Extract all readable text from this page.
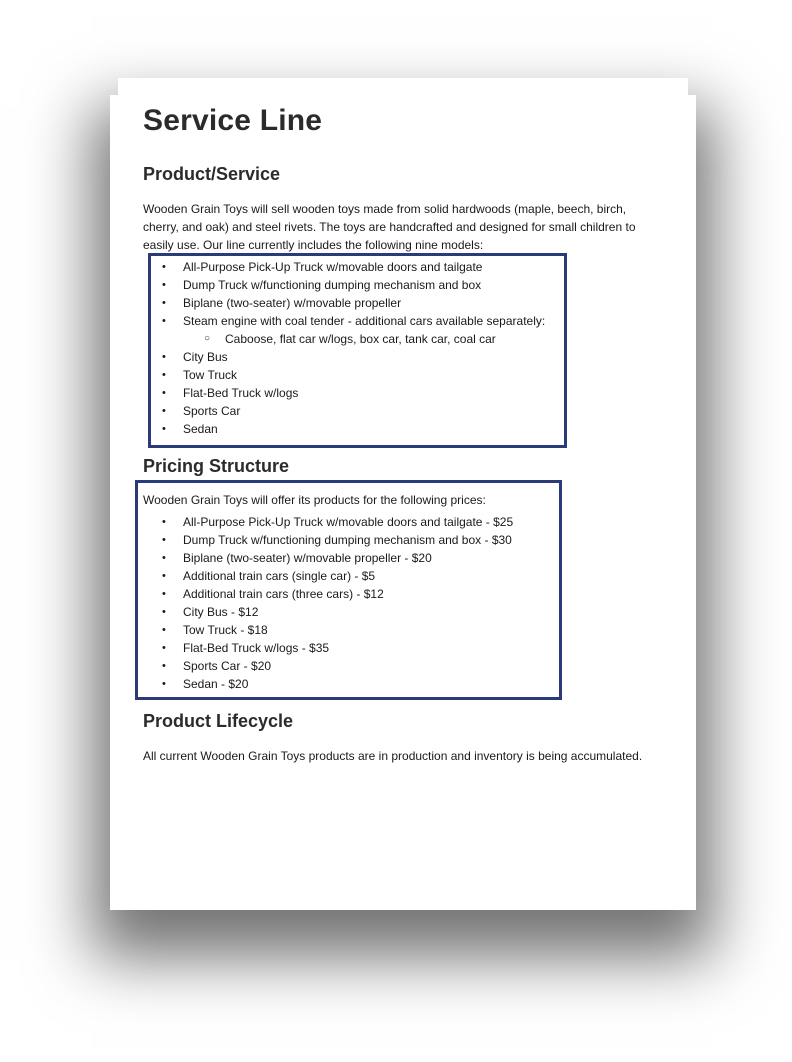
Service Line
Product/Service
Wooden Grain Toys will sell wooden toys made from solid hardwoods (maple, beech, birch,
cherry, and oak) and steel rivets. The toys are handcrafted and designed for small children to
easily use. Our line currently includes the following nine models:
• All-Purpose Pick-Up Truck w/movable doors and tailgate
• Dump Truck w/functioning dumping mechanism and box
• Biplane (two-seater) w/movable propeller
• Steam engine with coal tender - additional cars available separately:
○ Caboose, flat car w/logs, box car, tank car, coal car
• City Bus
• Tow Truck
• Flat-Bed Truck w/logs
• Sports Car
• Sedan
Pricing Structure
Wooden Grain Toys will offer its products for the following prices:
• All-Purpose Pick-Up Truck w/movable doors and tailgate - $25
• Dump Truck w/functioning dumping mechanism and box - $30
• Biplane (two-seater) w/movable propeller - $20
• Additional train cars (single car) - $5
• Additional train cars (three cars) - $12
• City Bus - $12
• Tow Truck - $18
• Flat-Bed Truck w/logs - $35
• Sports Car - $20
• Sedan - $20
Product Lifecycle
All current Wooden Grain Toys products are in production and inventory is being accumulated.
